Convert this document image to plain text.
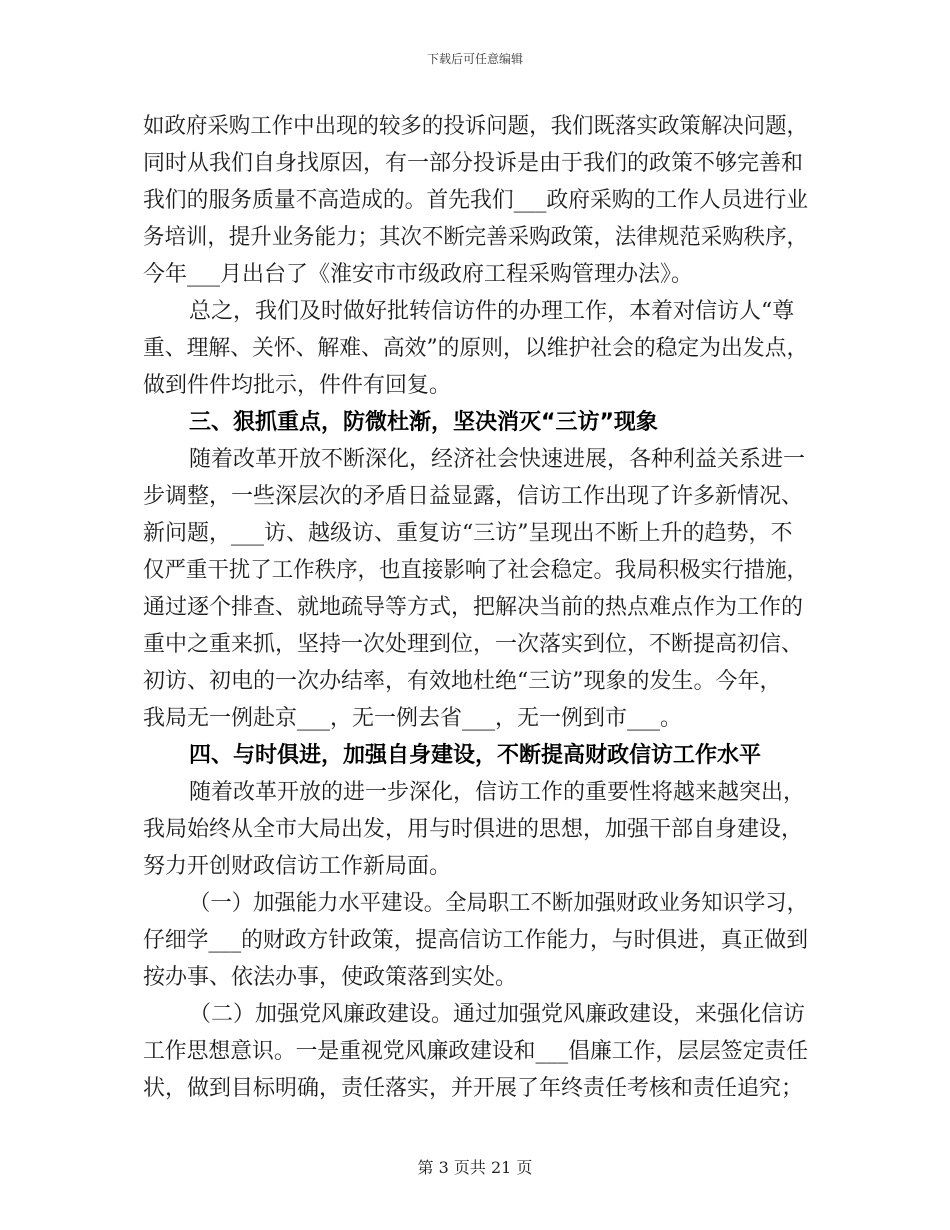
下载后可任意编辑
如政府采购工作中出现的较多的投诉问题，我们既落实政策解决问题，
同时从我们自身找原因，有一部分投诉是由于我们的政策不够完善和
我们的服务质量不高造成的。首先我们___政府采购的工作人员进行业
务培训，提升业务能力；其次不断完善采购政策，法律规范采购秩序，
今年___月出台了《淮安市市级政府工程采购管理办法》。
总之，我们及时做好批转信访件的办理工作，本着对信访人“尊
重、理解、关怀、解难、高效”的原则，以维护社会的稳定为出发点，
做到件件均批示，件件有回复。
三、狠抓重点，防微杜渐，坚决消灭“三访”现象
随着改革开放不断深化，经济社会快速进展，各种利益关系进一
步调整，一些深层次的矛盾日益显露，信访工作出现了许多新情况、
新问题，___访、越级访、重复访“三访”呈现出不断上升的趋势，不
仅严重干扰了工作秩序，也直接影响了社会稳定。我局积极实行措施，
通过逐个排查、就地疏导等方式，把解决当前的热点难点作为工作的
重中之重来抓，坚持一次处理到位，一次落实到位，不断提高初信、
初访、初电的一次办结率，有效地杜绝“三访”现象的发生。今年，
我局无一例赴京___，无一例去省___，无一例到市___。
四、与时俱进，加强自身建设，不断提高财政信访工作水平
随着改革开放的进一步深化，信访工作的重要性将越来越突出，
我局始终从全市大局出发，用与时俱进的思想，加强干部自身建设，
努力开创财政信访工作新局面。
（一）加强能力水平建设。全局职工不断加强财政业务知识学习，
仔细学___的财政方针政策，提高信访工作能力，与时俱进，真正做到
按办事、依法办事，使政策落到实处。
（二）加强党风廉政建设。通过加强党风廉政建设，来强化信访
工作思想意识。一是重视党风廉政建设和___倡廉工作，层层签定责任
状，做到目标明确，责任落实，并开展了年终责任考核和责任追究；
第 3 页共 21 页
